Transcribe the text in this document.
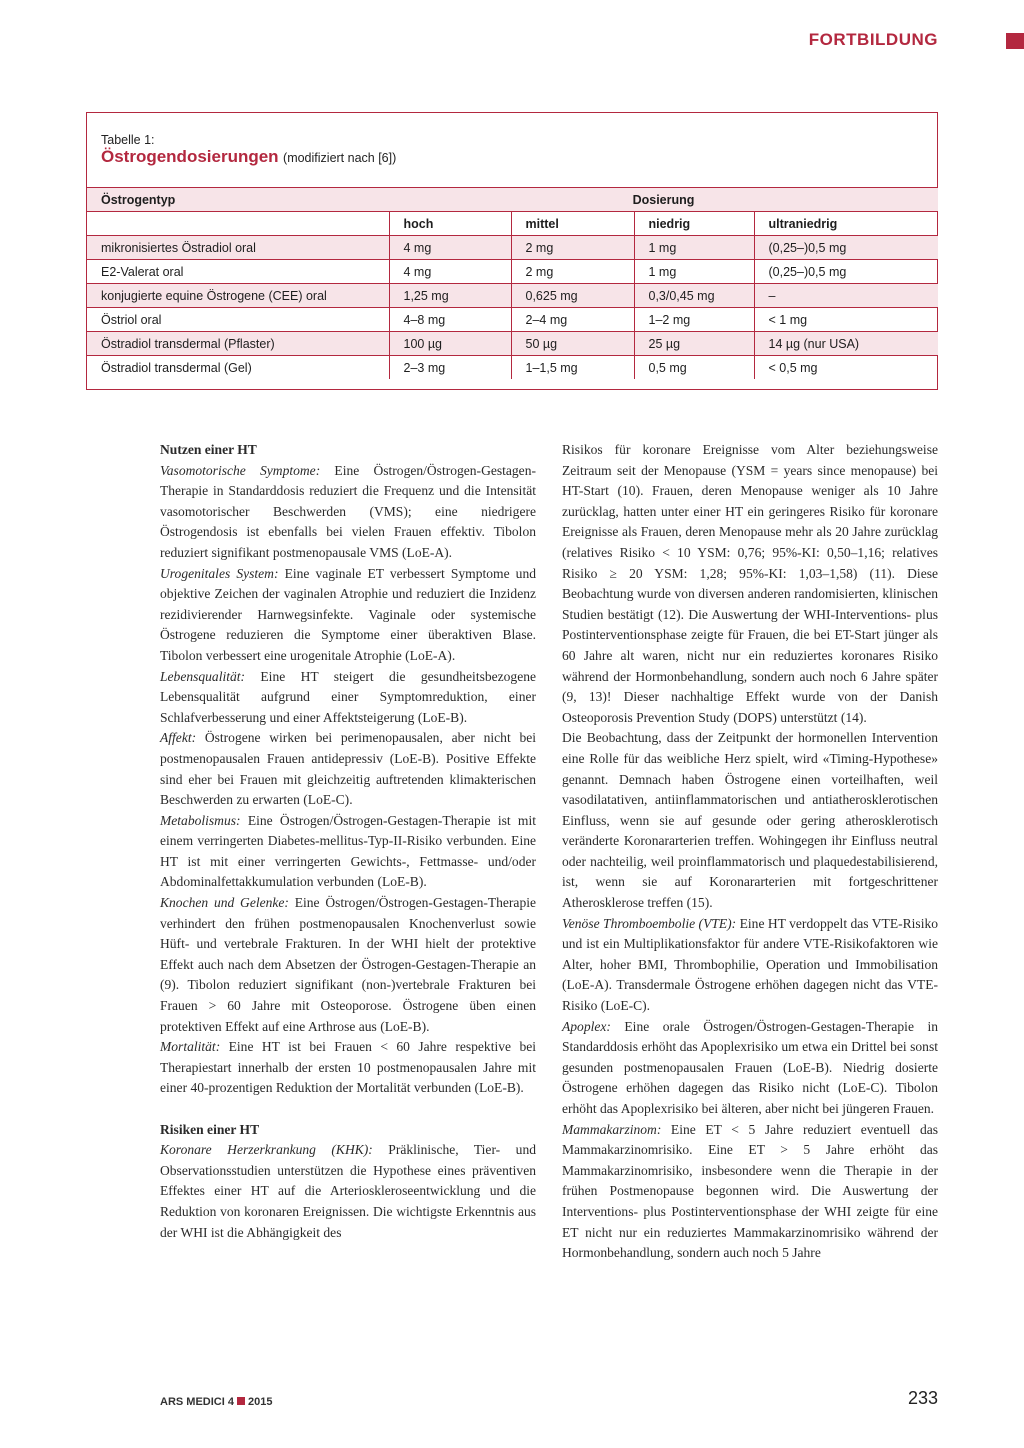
FORTBILDUNG
Tabelle 1:
Östrogendosierungen (modifiziert nach [6])
Östrogentyp	Dosierung			
	hoch	mittel	niedrig	ultraniedrig
mikronisiertes Östradiol oral	4 mg	2 mg	1 mg	(0,25–)0,5 mg
E2-Valerat oral	4 mg	2 mg	1 mg	(0,25–)0,5 mg
konjugierte equine Östrogene (CEE) oral	1,25 mg	0,625 mg	0,3/0,45 mg	–
Östriol oral	4–8 mg	2–4 mg	1–2 mg	< 1 mg
Östradiol transdermal (Pflaster)	100 µg	50 µg	25 µg	14 µg (nur USA)
Östradiol transdermal (Gel)	2–3 mg	1–1,5 mg	0,5 mg	< 0,5 mg

Nutzen einer HT

Vasomotorische Symptome: Eine Östrogen/Östrogen-Gestagen-Therapie in Standarddosis reduziert die Frequenz und die Intensität vasomotorischer Beschwerden (VMS); eine niedrigere Östrogendosis ist ebenfalls bei vielen Frauen effektiv. Tibolon reduziert signifikant postmenopausale VMS (LoE-A).

Urogenitales System: Eine vaginale ET verbessert Symptome und objektive Zeichen der vaginalen Atrophie und reduziert die Inzidenz rezidivierender Harnwegsinfekte. Vaginale oder systemische Östrogene reduzieren die Symptome einer überaktiven Blase. Tibolon verbessert eine urogenitale Atrophie (LoE-A).

Lebensqualität: Eine HT steigert die gesundheitsbezogene Lebensqualität aufgrund einer Symptomreduktion, einer Schlafverbesserung und einer Affektsteigerung (LoE-B).

Affekt: Östrogene wirken bei perimenopausalen, aber nicht bei postmenopausalen Frauen antidepressiv (LoE-B). Positive Effekte sind eher bei Frauen mit gleichzeitig auftretenden klimakterischen Beschwerden zu erwarten (LoE-C).

Metabolismus: Eine Östrogen/Östrogen-Gestagen-Therapie ist mit einem verringerten Diabetes-mellitus-Typ-II-Risiko verbunden. Eine HT ist mit einer verringerten Gewichts-, Fettmasse- und/oder Abdominalfettakkumulation verbunden (LoE-B).

Knochen und Gelenke: Eine Östrogen/Östrogen-Gestagen-Therapie verhindert den frühen postmenopausalen Knochenverlust sowie Hüft- und vertebrale Frakturen. In der WHI hielt der protektive Effekt auch nach dem Absetzen der Östrogen-Gestagen-Therapie an (9). Tibolon reduziert signifikant (non-)vertebrale Frakturen bei Frauen > 60 Jahre mit Osteoporose. Östrogene üben einen protektiven Effekt auf eine Arthrose aus (LoE-B).

Mortalität: Eine HT ist bei Frauen < 60 Jahre respektive bei Therapiestart innerhalb der ersten 10 postmenopausalen Jahre mit einer 40-prozentigen Reduktion der Mortalität verbunden (LoE-B).

Risiken einer HT

Koronare Herzerkrankung (KHK): Präklinische, Tier- und Observationsstudien unterstützen die Hypothese eines präventiven Effektes einer HT auf die Arterioskleroseentwicklung und die Reduktion von koronaren Ereignissen. Die wichtigste Erkenntnis aus der WHI ist die Abhängigkeit des

Risikos für koronare Ereignisse vom Alter beziehungsweise Zeitraum seit der Menopause (YSM = years since menopause) bei HT-Start (10). Frauen, deren Menopause weniger als 10 Jahre zurücklag, hatten unter einer HT ein geringeres Risiko für koronare Ereignisse als Frauen, deren Menopause mehr als 20 Jahre zurücklag (relatives Risiko < 10 YSM: 0,76; 95%-KI: 0,50–1,16; relatives Risiko ≥ 20 YSM: 1,28; 95%-KI: 1,03–1,58) (11). Diese Beobachtung wurde von diversen anderen randomisierten, klinischen Studien bestätigt (12). Die Auswertung der WHI-Interventions- plus Postinterventionsphase zeigte für Frauen, die bei ET-Start jünger als 60 Jahre alt waren, nicht nur ein reduziertes koronares Risiko während der Hormonbehandlung, sondern auch noch 6 Jahre später (9, 13)! Dieser nachhaltige Effekt wurde von der Danish Osteoporosis Prevention Study (DOPS) unterstützt (14).

Die Beobachtung, dass der Zeitpunkt der hormonellen Intervention eine Rolle für das weibliche Herz spielt, wird «Timing-Hypothese» genannt. Demnach haben Östrogene einen vorteilhaften, weil vasodilatativen, antiinflammatorischen und antiatherosklerotischen Einfluss, wenn sie auf gesunde oder gering atherosklerotisch veränderte Koronararterien treffen. Wohingegen ihr Einfluss neutral oder nachteilig, weil proinflammatorisch und plaquedestabilisierend, ist, wenn sie auf Koronararterien mit fortgeschrittener Atherosklerose treffen (15).

Venöse Thromboembolie (VTE): Eine HT verdoppelt das VTE-Risiko und ist ein Multiplikationsfaktor für andere VTE-Risikofaktoren wie Alter, hoher BMI, Thrombophilie, Operation und Immobilisation (LoE-A). Transdermale Östrogene erhöhen dagegen nicht das VTE-Risiko (LoE-C).

Apoplex: Eine orale Östrogen/Östrogen-Gestagen-Therapie in Standarddosis erhöht das Apoplexrisiko um etwa ein Drittel bei sonst gesunden postmenopausalen Frauen (LoE-B). Niedrig dosierte Östrogene erhöhen dagegen das Risiko nicht (LoE-C). Tibolon erhöht das Apoplexrisiko bei älteren, aber nicht bei jüngeren Frauen.

Mammakarzinom: Eine ET < 5 Jahre reduziert eventuell das Mammakarzinomrisiko. Eine ET > 5 Jahre erhöht das Mammakarzinomrisiko, insbesondere wenn die Therapie in der frühen Postmenopause begonnen wird. Die Auswertung der Interventions- plus Postinterventionsphase der WHI zeigte für eine ET nicht nur ein reduziertes Mammakarzinomrisiko während der Hormonbehandlung, sondern auch noch 5 Jahre

ARS MEDICI 4 2015	233
